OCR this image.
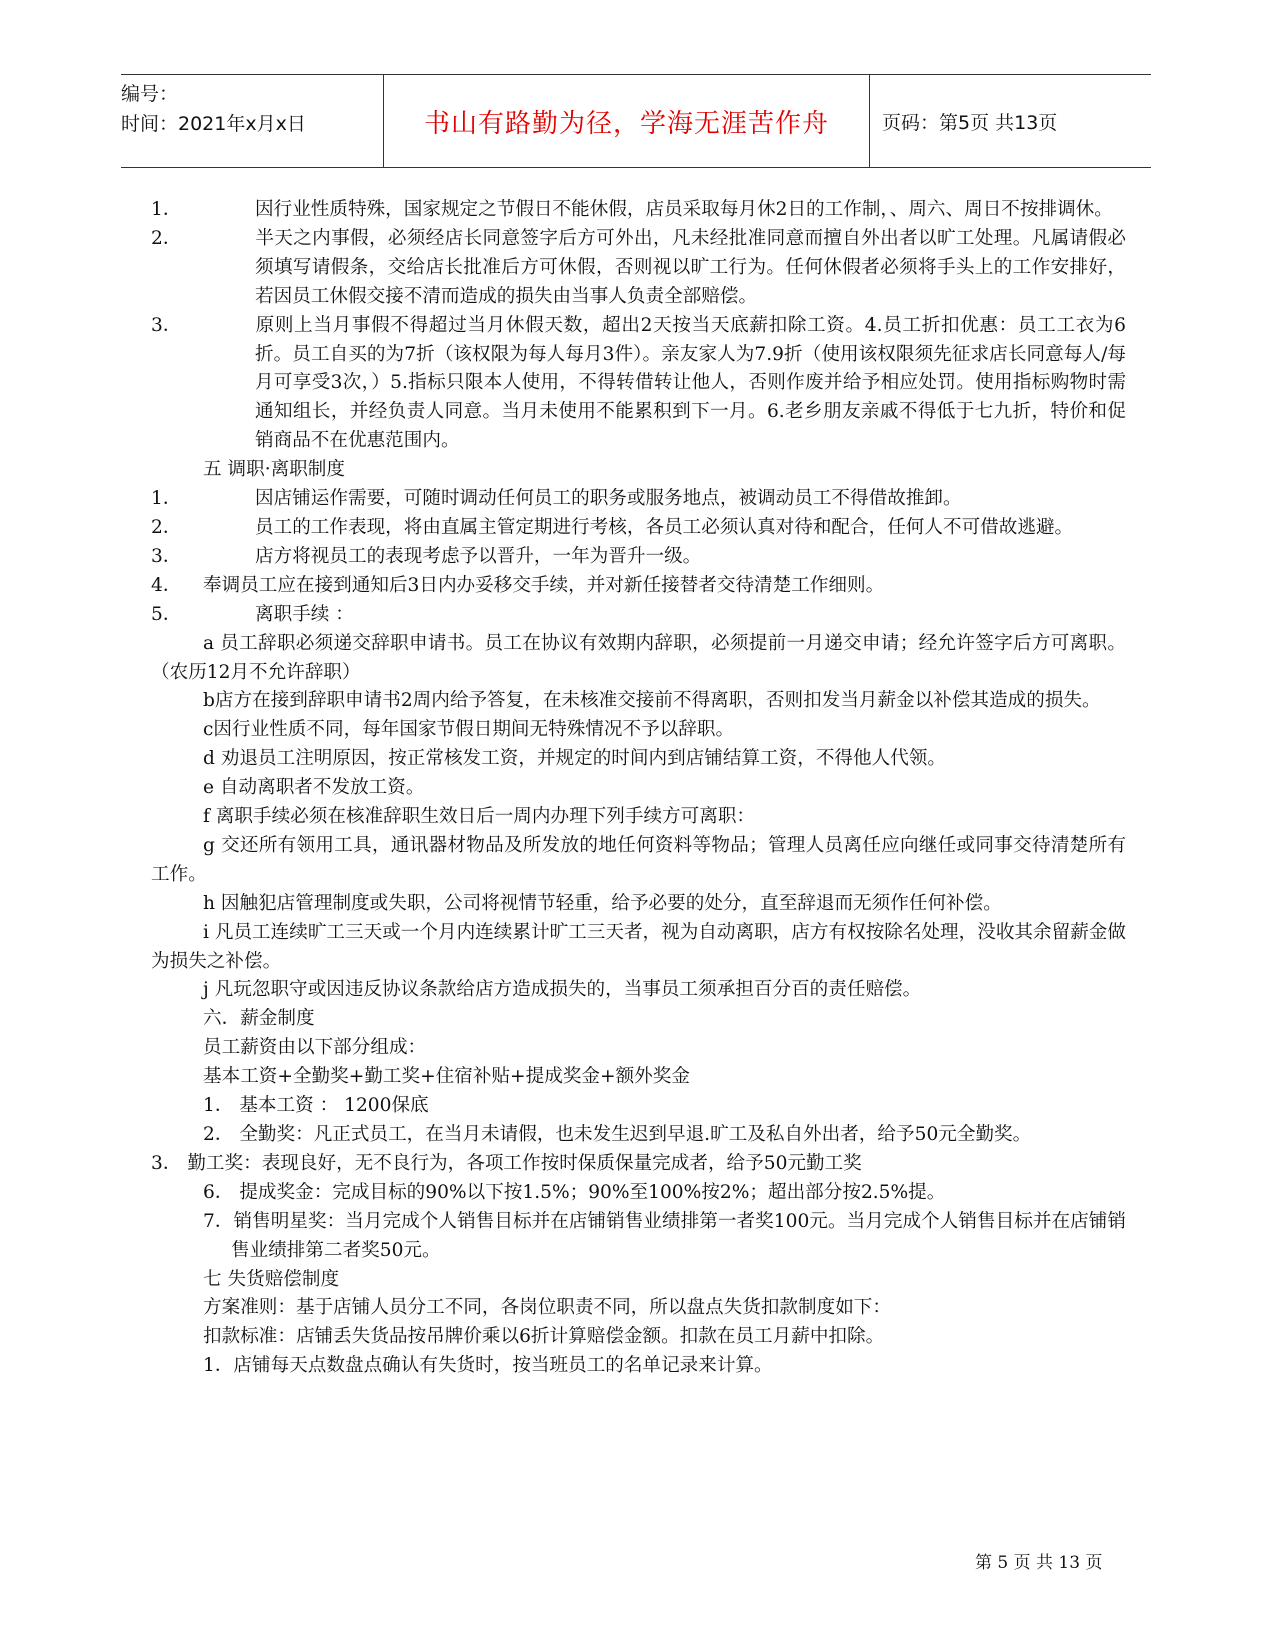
编号：
时间：2021年x月x日	书山有路勤为径，学海无涯苦作舟	页码：第5页 共13页

1．	因行业性质特殊，国家规定之节假日不能休假，店员采取每月休2日的工作制，、周六、周日不按排调休。

2．	半天之内事假，必须经店长同意签字后方可外出，凡未经批准同意而擅自外出者以旷工处理。凡属请假必须填写请假条，交给店长批准后方可休假，否则视以旷工行为。任何休假者必须将手头上的工作安排好，若因员工休假交接不清而造成的损失由当事人负责全部赔偿。

3．	原则上当月事假不得超过当月休假天数，超出2天按当天底薪扣除工资。4.员工折扣优惠：员工工衣为6折。员工自买的为7折（该权限为每人每月3件）。亲友家人为7.9折（使用该权限须先征求店长同意每人/每月可享受3次，）5.指标只限本人使用，不得转借转让他人，否则作废并给予相应处罚。使用指标购物时需通知组长，并经负责人同意。当月未使用不能累积到下一月。6.老乡朋友亲戚不得低于七九折，特价和促销商品不在优惠范围内。

五 调职·离职制度

1．	因店铺运作需要，可随时调动任何员工的职务或服务地点，被调动员工不得借故推卸。

2．	员工的工作表现，将由直属主管定期进行考核，各员工必须认真对待和配合，任何人不可借故逃避。

3．	店方将视员工的表现考虑予以晋升，一年为晋升一级。

4． 奉调员工应在接到通知后3日内办妥移交手续，并对新任接替者交待清楚工作细则。

5．	离职手续 ：

a 员工辞职必须递交辞职申请书。员工在协议有效期内辞职，必须提前一月递交申请；经允许签字后方可离职。（农历12月不允许辞职）

b店方在接到辞职申请书2周内给予答复，在未核准交接前不得离职，否则扣发当月薪金以补偿其造成的损失。

c因行业性质不同，每年国家节假日期间无特殊情况不予以辞职。

d 劝退员工注明原因，按正常核发工资，并规定的时间内到店铺结算工资，不得他人代领。

e 自动离职者不发放工资。

f 离职手续必须在核准辞职生效日后一周内办理下列手续方可离职：

g 交还所有领用工具，通讯器材物品及所发放的地任何资料等物品；管理人员离任应向继任或同事交待清楚所有工作。

h 因触犯店管理制度或失职，公司将视情节轻重，给予必要的处分，直至辞退而无须作任何补偿。

i 凡员工连续旷工三天或一个月内连续累计旷工三天者，视为自动离职，店方有权按除名处理，没收其余留薪金做为损失之补偿。

j 凡玩忽职守或因违反协议条款给店方造成损失的，当事员工须承担百分百的责任赔偿。

六．薪金制度

员工薪资由以下部分组成：

基本工资+全勤奖+勤工奖+住宿补贴+提成奖金+额外奖金

1． 基本工资 ： 1200保底

2． 全勤奖：凡正式员工，在当月未请假，也未发生迟到早退.旷工及私自外出者，给予50元全勤奖。

3． 勤工奖：表现良好，无不良行为，各项工作按时保质保量完成者，给予50元勤工奖

6． 提成奖金：完成目标的90%以下按1.5%；90%至100%按2%；超出部分按2.5%提。

7．销售明星奖：当月完成个人销售目标并在店铺销售业绩排第一者奖100元。当月完成个人销售目标并在店铺销售业绩排第二者奖50元。

七 失货赔偿制度

方案准则：基于店铺人员分工不同，各岗位职责不同，所以盘点失货扣款制度如下：

扣款标准：店铺丢失货品按吊牌价乘以6折计算赔偿金额。扣款在员工月薪中扣除。

1．店铺每天点数盘点确认有失货时，按当班员工的名单记录来计算。

第 5 页 共 13 页
